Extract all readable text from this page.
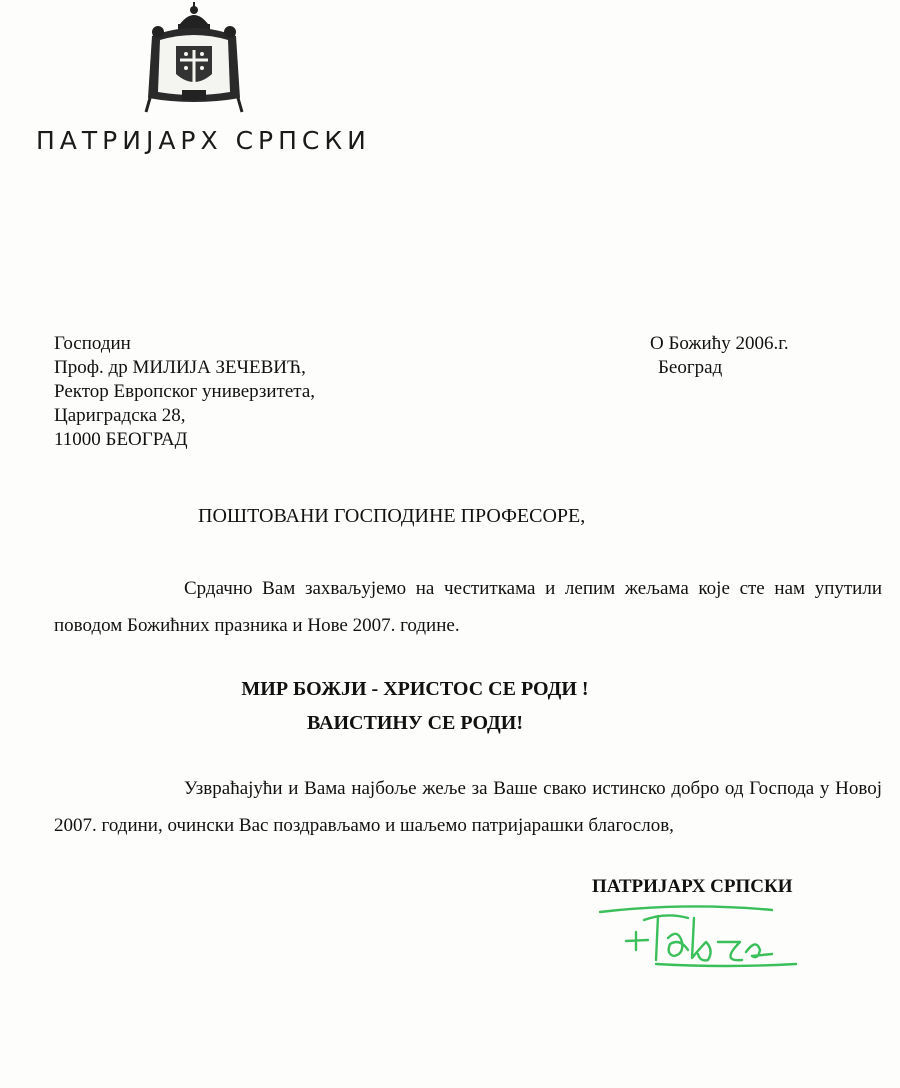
ПАТРИЈАРХ СРПСКИ
Господин
Проф. др МИЛИЈА ЗЕЧЕВИЋ,
Ректор Европског универзитета,
Цариградска 28,
11000 БЕОГРАД
О Божићу 2006.г.
Београд
ПОШТОВАНИ ГОСПОДИНЕ ПРОФЕСОРЕ,
Срдачно Вам захваљујемо на честиткама и лепим жељама које сте нам упутили поводом Божићних празника и Нове 2007. године.
МИР БОЖЈИ - ХРИСТОС СЕ РОДИ !
ВАИСТИНУ СЕ РОДИ!
Узвраћајући и Вама најбоље жеље за Ваше свако истинско добро од Господа у Новој 2007. години, очински Вас поздрављамо и шаљемо патријарашки благослов,
ПАТРИЈАРХ СРПСКИ
